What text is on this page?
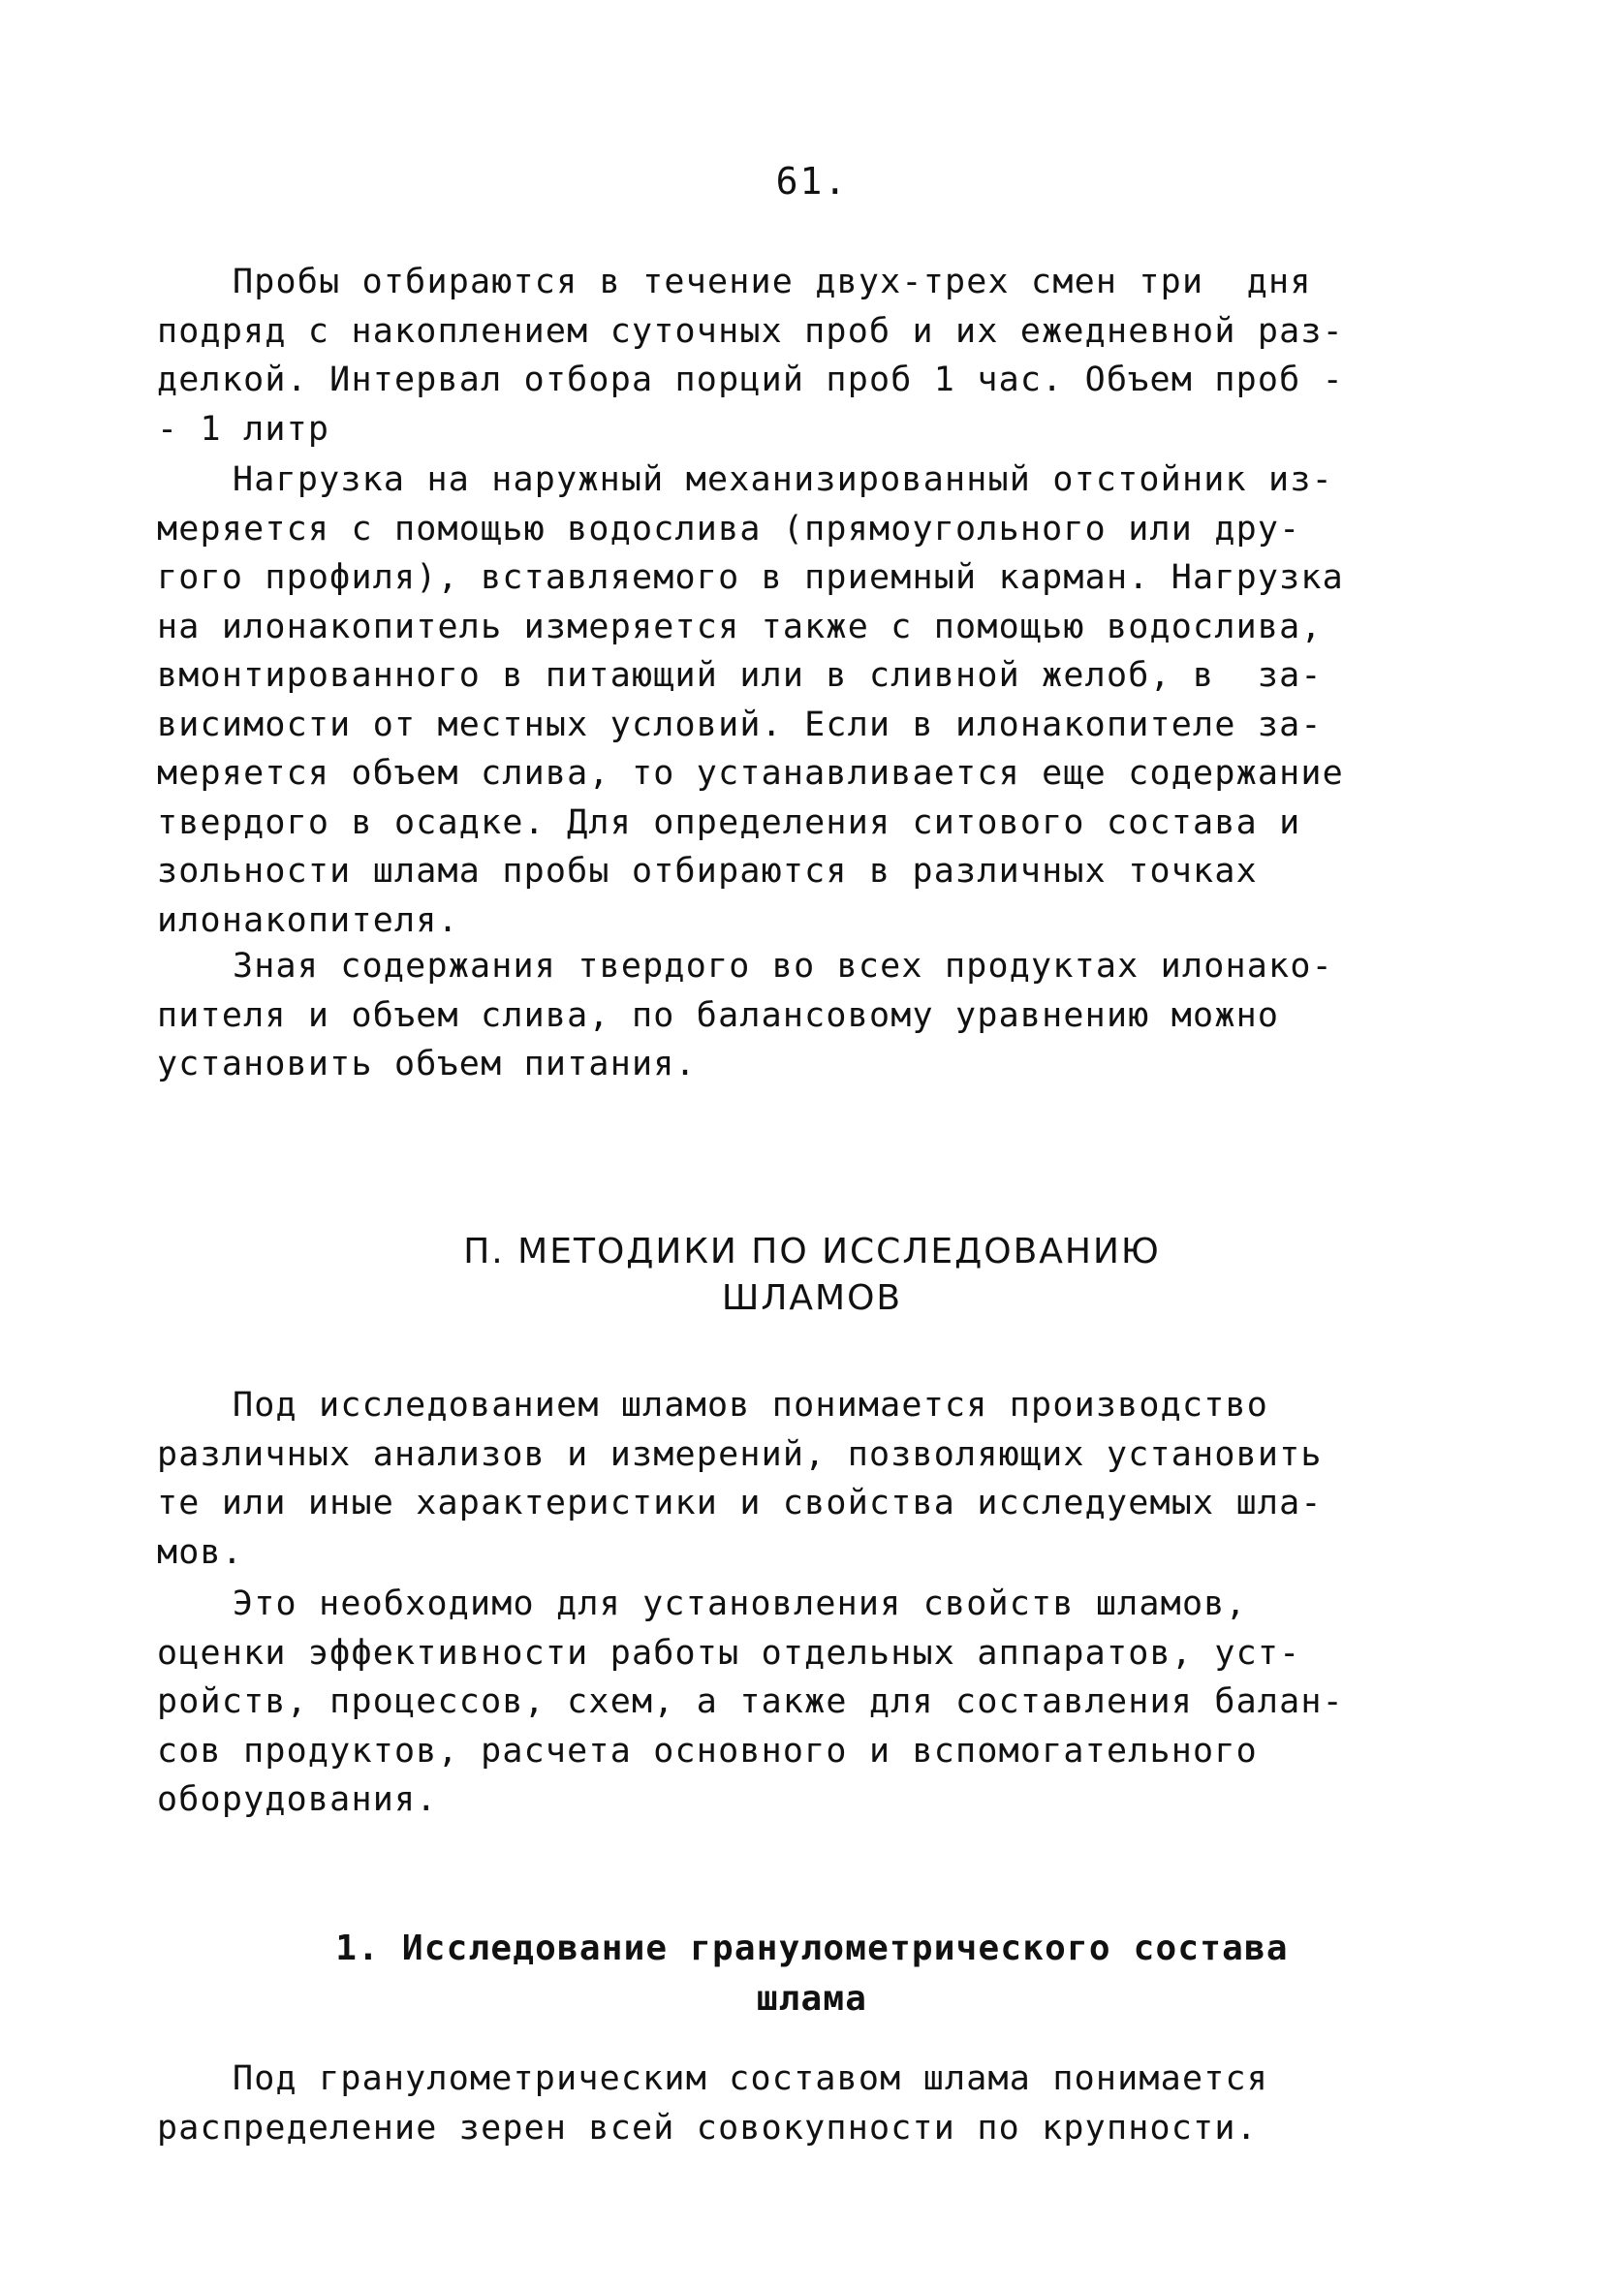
61.
Пробы отбираются в течение двух-трех смен три  дня
подряд с накоплением суточных проб и их ежедневной раз-
делкой. Интервал отбора порций проб 1 час. Объем проб -
- 1 литр
Нагрузка на наружный механизированный отстойник из-
меряется с помощью водослива (прямоугольного или дру-
гого профиля), вставляемого в приемный карман. Нагрузка
на илонакопитель измеряется также с помощью водослива,
вмонтированного в питающий или в сливной желоб, в  за-
висимости от местных условий. Если в илонакопителе за-
меряется объем слива, то устанавливается еще содержание
твердого в осадке. Для определения ситового состава и
зольности шлама пробы отбираются в различных точках
илонакопителя.
Зная содержания твердого во всех продуктах илонако-
пителя и объем слива, по балансовому уравнению можно
установить объем питания.
П. МЕТОДИКИ ПО ИССЛЕДОВАНИЮ
ШЛАМОВ
Под исследованием шламов понимается производство
различных анализов и измерений, позволяющих установить
те или иные характеристики и свойства исследуемых шла-
мов.
Это необходимо для установления свойств шламов,
оценки эффективности работы отдельных аппаратов, уст-
ройств, процессов, схем, а также для составления балан-
сов продуктов, расчета основного и вспомогательного
оборудования.
1. Исследование гранулометрического состава
шлама
Под гранулометрическим составом шлама понимается
распределение зерен всей совокупности по крупности.
